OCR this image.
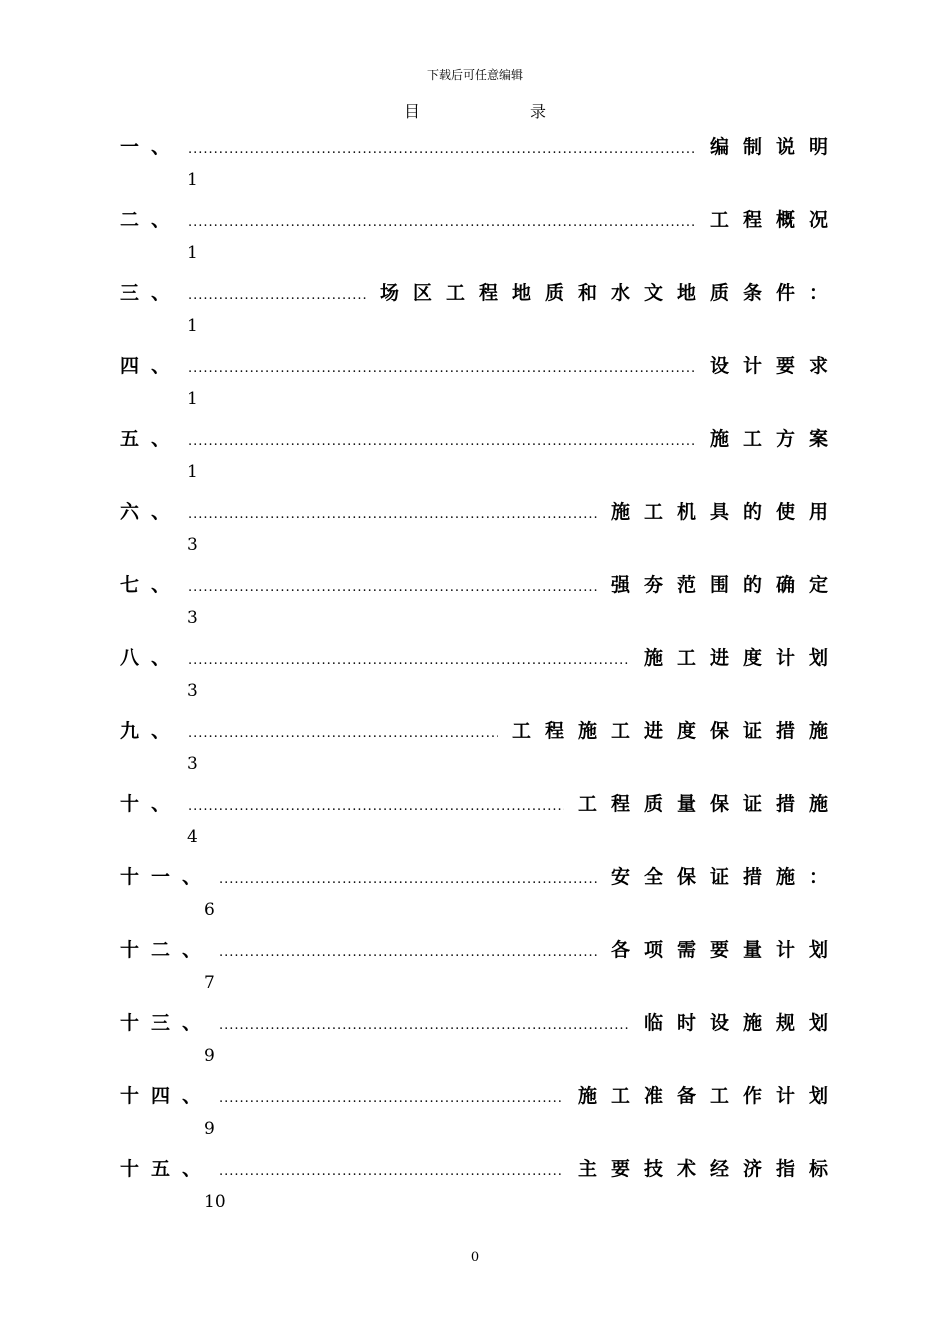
下载后可任意编辑
目	录
一、 .....	编制说明
1
二、 .....	工程概况
1
三、 .....	场区工程地质和水文地质条件：
1
四、 .....	设计要求
1
五、 .....	施工方案
1
六、 .....	施工机具的使用
3
七、 .....	强夯范围的确定
3
八、 .....	施工进度计划
3
九、 .....	工程施工进度保证措施
3
十、 .....	工程质量保证措施
4
十一、 .....	安全保证措施：
6
十二、 .....	各项需要量计划
7
十三、 .....	临时设施规划
9
十四、 .....	施工准备工作计划
9
十五、 .....	主要技术经济指标
10
0
